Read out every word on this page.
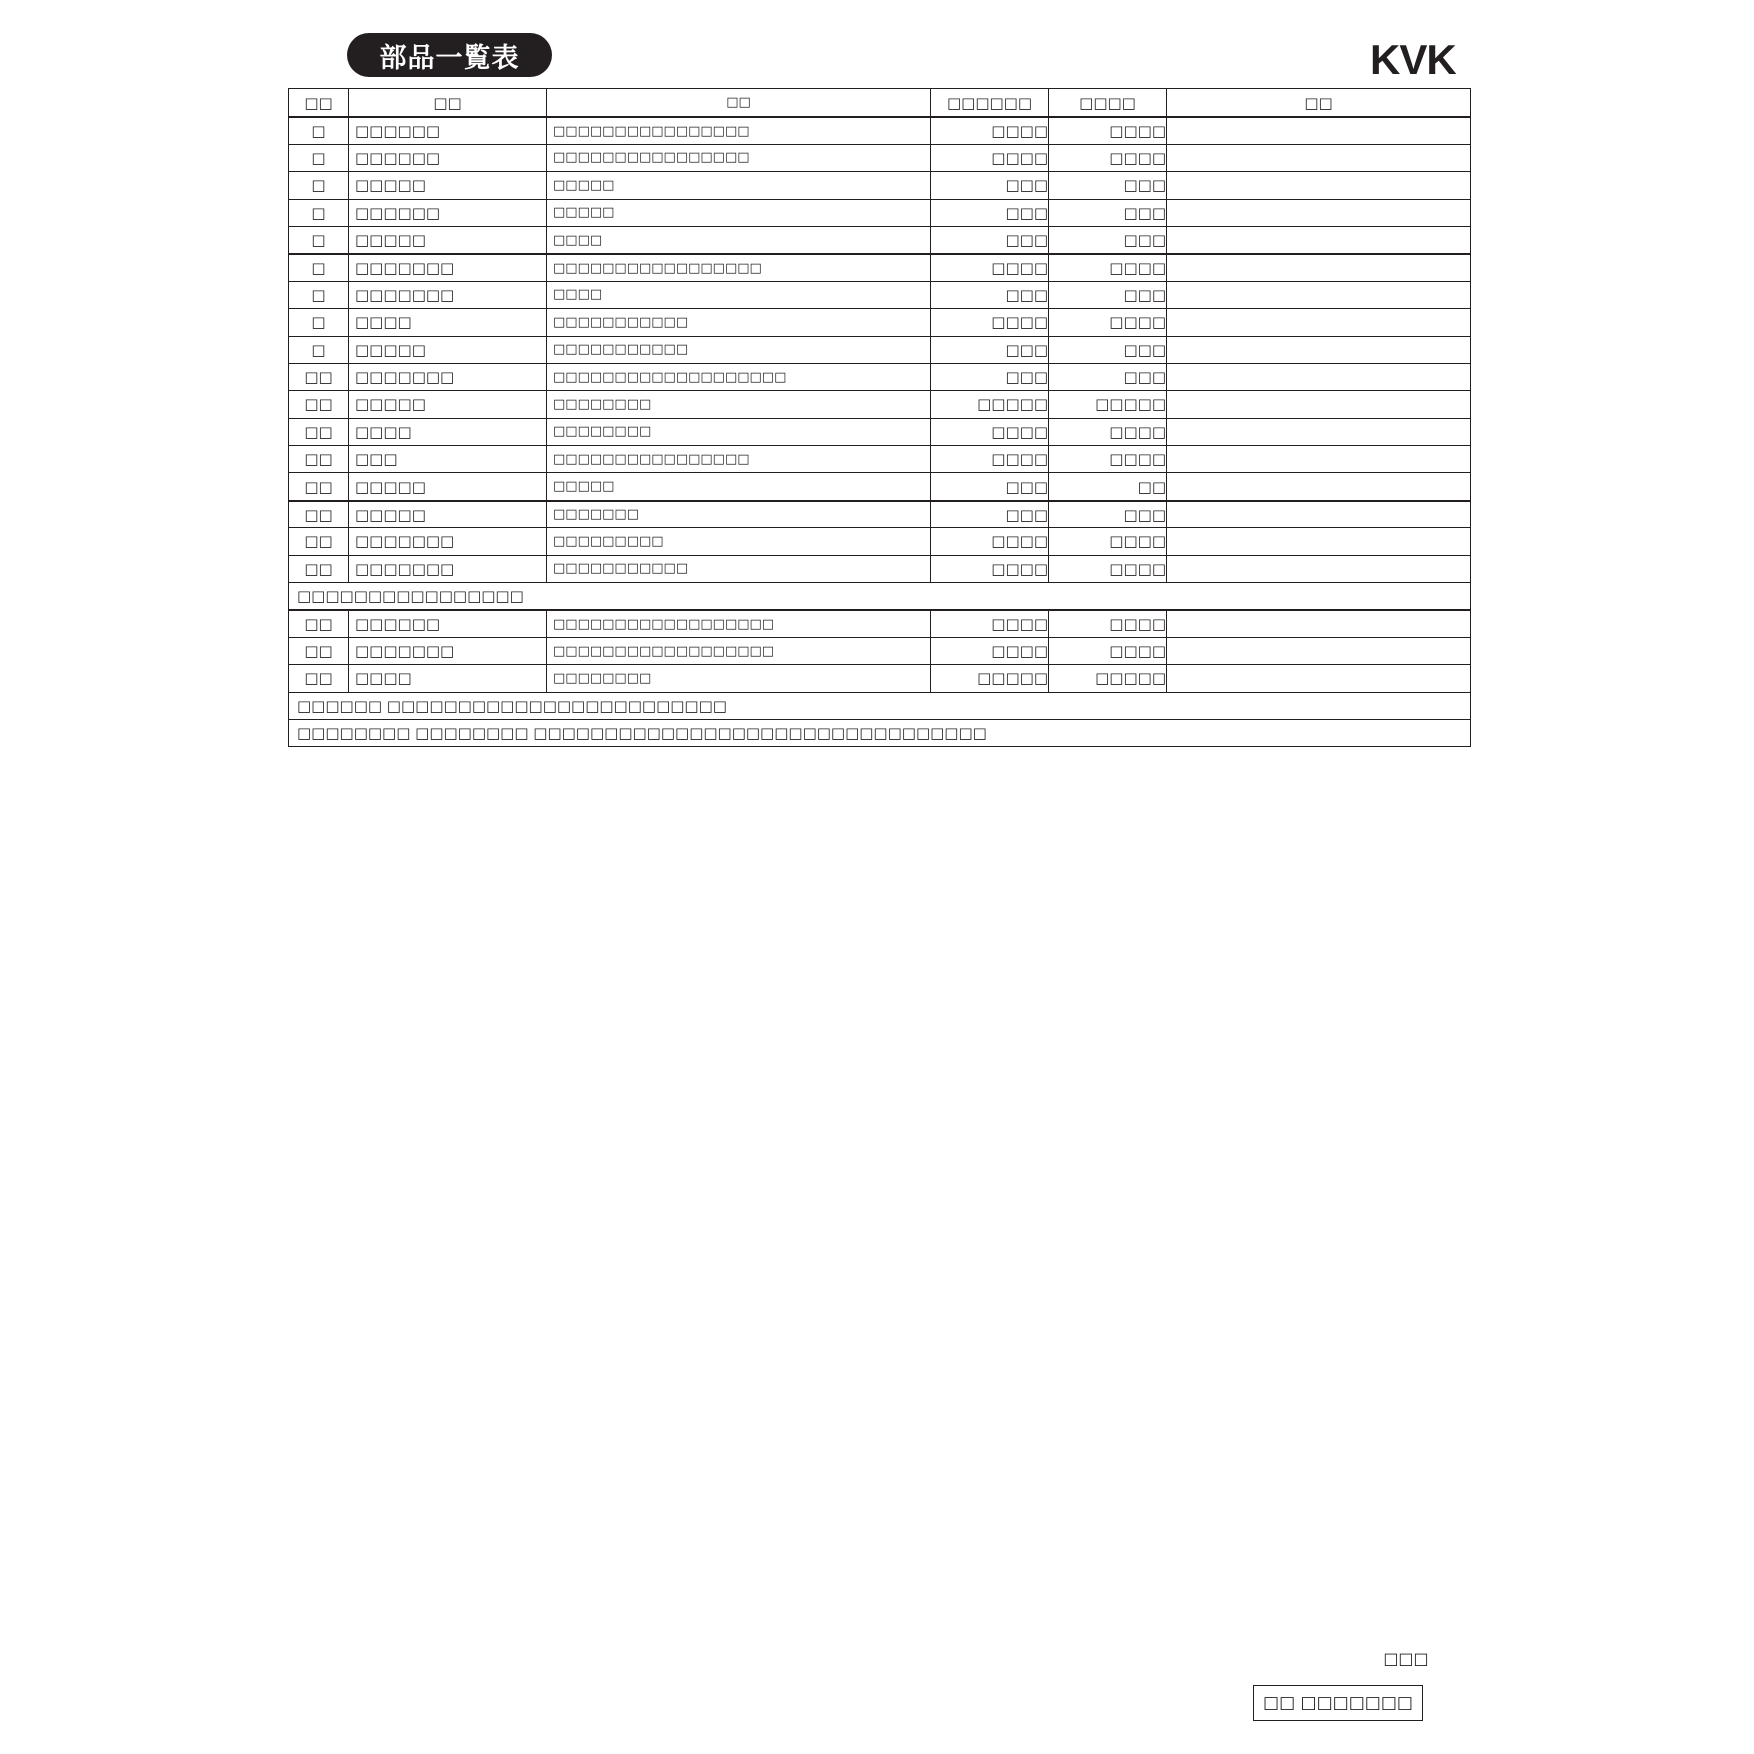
部品一覧表	KVK
□□	□□	□□	□□□□□□	□□□□	□□
□	□□□□□□	□□□□□□□□□□□□□□□□	□□□□	□□□□
□	□□□□□□	□□□□□□□□□□□□□□□□	□□□□	□□□□
□	□□□□□	□□□□□	□□□	□□□
□	□□□□□□	□□□□□	□□□	□□□
□	□□□□□	□□□□	□□□	□□□
□	□□□□□□□	□□□□□□□□□□□□□□□□□	□□□□	□□□□
□	□□□□□□□	□□□□	□□□	□□□
□	□□□□	□□□□□□□□□□□	□□□□	□□□□
□	□□□□□	□□□□□□□□□□□	□□□	□□□
□□	□□□□□□□	□□□□□□□□□□□□□□□□□□□	□□□	□□□
□□	□□□□□	□□□□□□□□	□□□□□	□□□□□
□□	□□□□	□□□□□□□□	□□□□	□□□□
□□	□□□	□□□□□□□□□□□□□□□□	□□□□	□□□□
□□	□□□□□	□□□□□	□□□	□□
□□	□□□□□	□□□□□□□	□□□	□□□
□□	□□□□□□□	□□□□□□□□□	□□□□	□□□□
□□	□□□□□□□	□□□□□□□□□□□	□□□□	□□□□
□□□□□□□□□□□□□□□□
□□	□□□□□□	□□□□□□□□□□□□□□□□□□	□□□□	□□□□
□□	□□□□□□□	□□□□□□□□□□□□□□□□□□	□□□□	□□□□
□□	□□□□	□□□□□□□□	□□□□□	□□□□□
□□□□□□ □□□□□□□□□□□□□□□□□□□□□□□□
□□□□□□□□ □□□□□□□□ □□□□□□□□□□□□□□□□□□□□□□□□□□□□□□□□
□□□
□□ □□□□□□□
